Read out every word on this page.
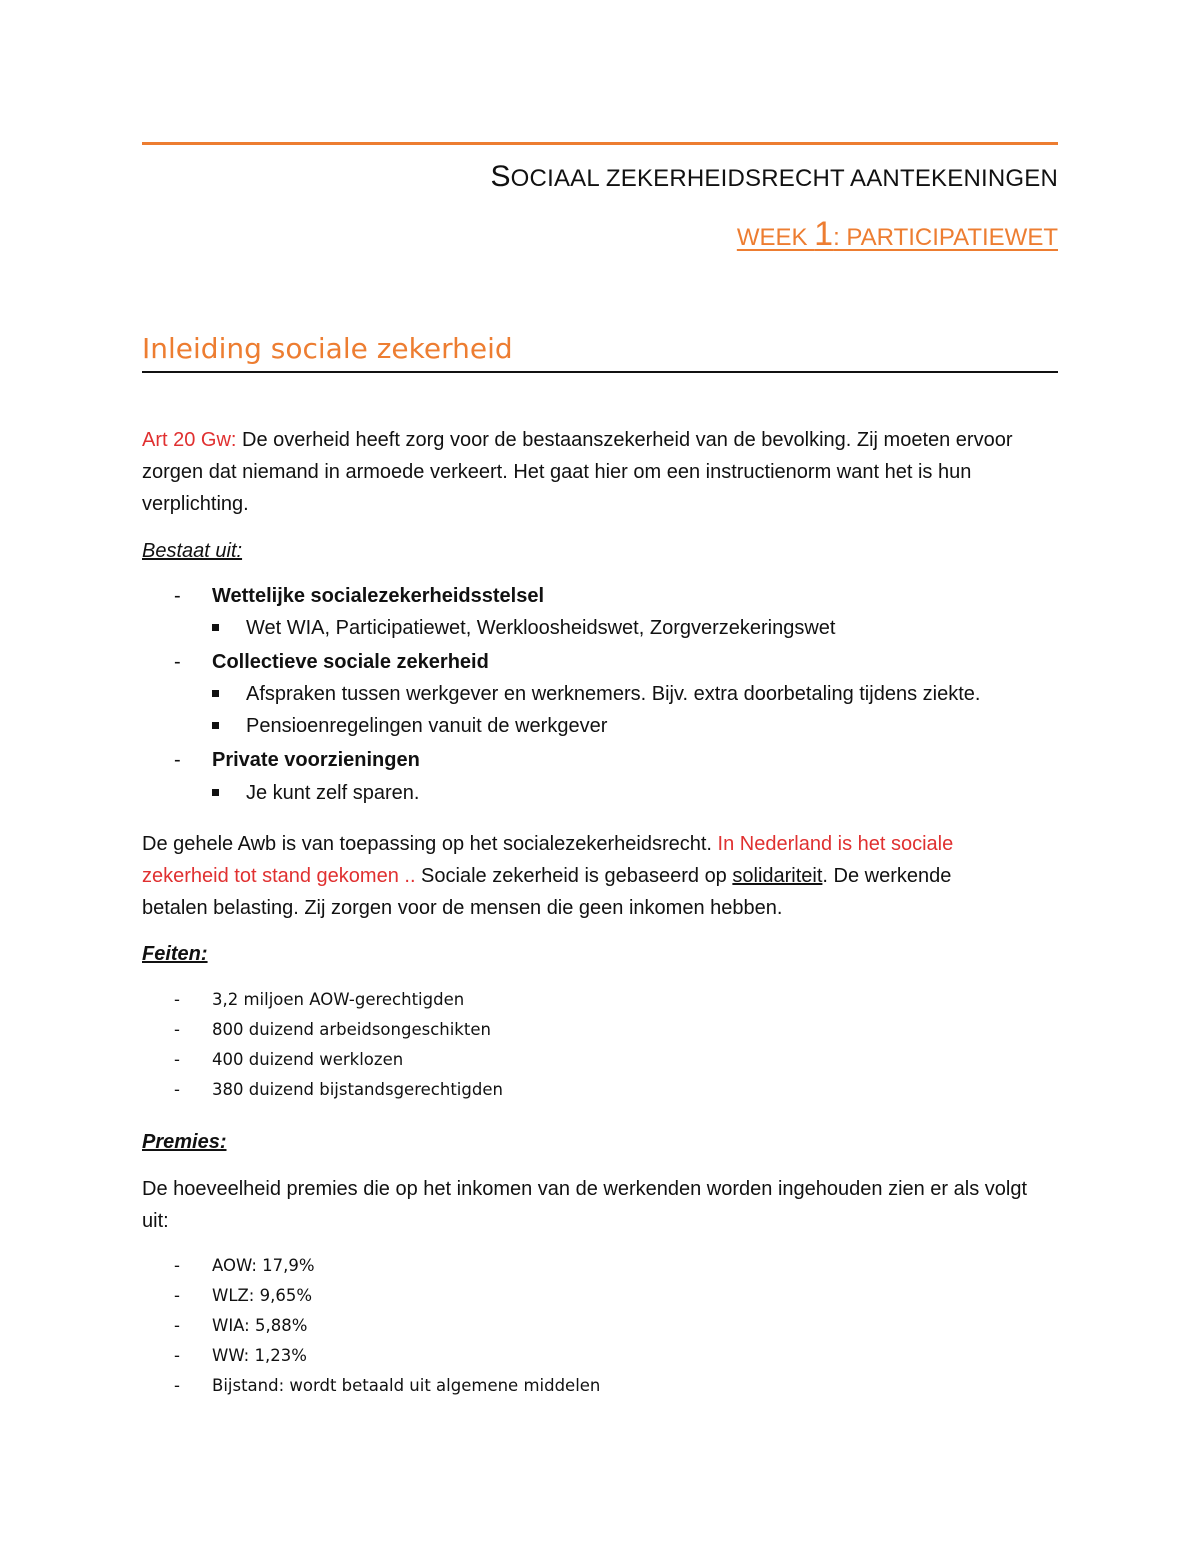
SOCIAAL ZEKERHEIDSRECHT AANTEKENINGEN
WEEK 1: PARTICIPATIEWET
Inleiding sociale zekerheid
Art 20 Gw: De overheid heeft zorg voor de bestaanszekerheid van de bevolking. Zij moeten ervoor zorgen dat niemand in armoede verkeert. Het gaat hier om een instructienorm want het is hun verplichting.
Bestaat uit:
- Wettelijke socialezekerheidsstelsel
Wet WIA, Participatiewet, Werkloosheidswet, Zorgverzekeringswet
- Collectieve sociale zekerheid
Afspraken tussen werkgever en werknemers. Bijv. extra doorbetaling tijdens ziekte.
Pensioenregelingen vanuit de werkgever
- Private voorzieningen
Je kunt zelf sparen.
De gehele Awb is van toepassing op het socialezekerheidsrecht. In Nederland is het sociale zekerheid tot stand gekomen .. Sociale zekerheid is gebaseerd op solidariteit. De werkende betalen belasting. Zij zorgen voor de mensen die geen inkomen hebben.
Feiten:
- 3,2 miljoen AOW-gerechtigden
- 800 duizend arbeidsongeschikten
- 400 duizend werklozen
- 380 duizend bijstandsgerechtigden
Premies:
De hoeveelheid premies die op het inkomen van de werkenden worden ingehouden zien er als volgt uit:
- AOW: 17,9%
- WLZ: 9,65%
- WIA: 5,88%
- WW: 1,23%
- Bijstand: wordt betaald uit algemene middelen
